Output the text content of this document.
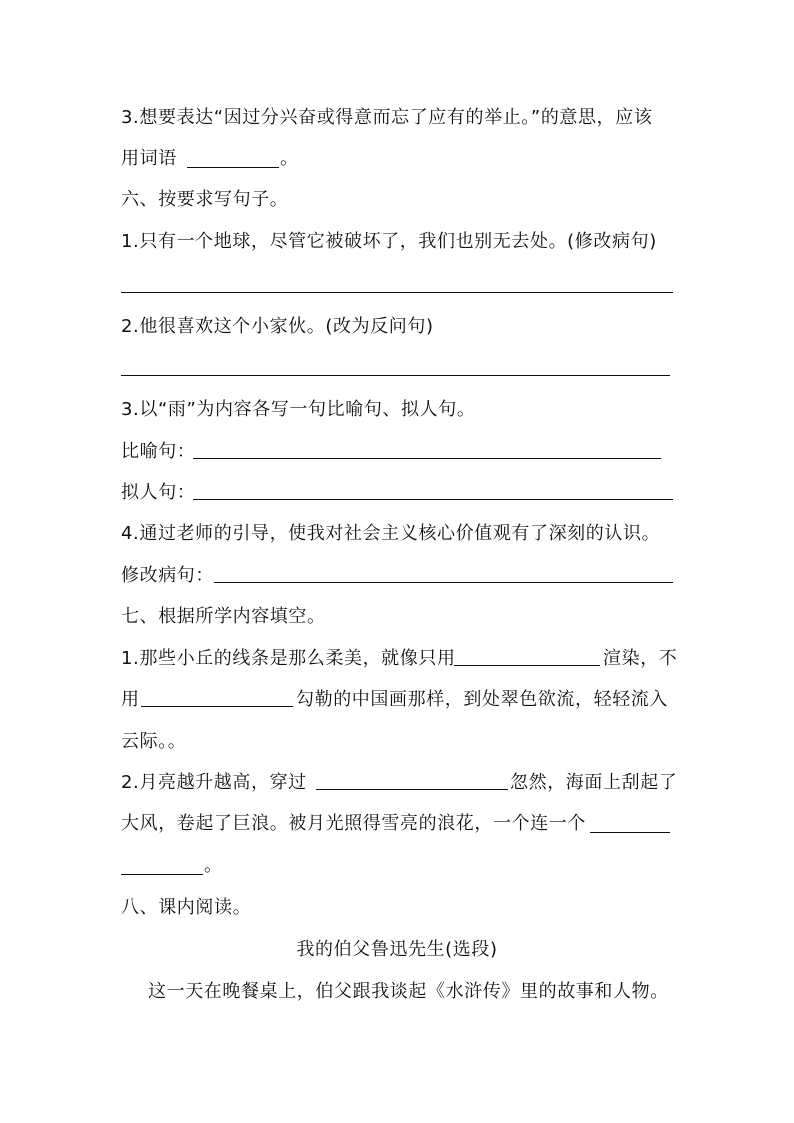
3.想要表达“因过分兴奋或得意而忘了应有的举止。”的意思，应该
用词语	。
六、按要求写句子。
1.只有一个地球，尽管它被破坏了，我们也别无去处。(修改病句)
2.他很喜欢这个小家伙。(改为反问句)
3.以“雨”为内容各写一句比喻句、拟人句。
比喻句：
拟人句：
4.通过老师的引导，使我对社会主义核心价值观有了深刻的认识。
修改病句：
七、根据所学内容填空。
1.那些小丘的线条是那么柔美，就像只用	渲染，不
用	勾勒的中国画那样，到处翠色欲流，轻轻流入
云际。。
2.月亮越升越高，穿过	忽然，海面上刮起了
大风，卷起了巨浪。被月光照得雪亮的浪花，一个连一个
。
八、课内阅读。
我的伯父鲁迅先生(选段)
这一天在晚餐桌上，伯父跟我谈起《水浒传》里的故事和人物。
